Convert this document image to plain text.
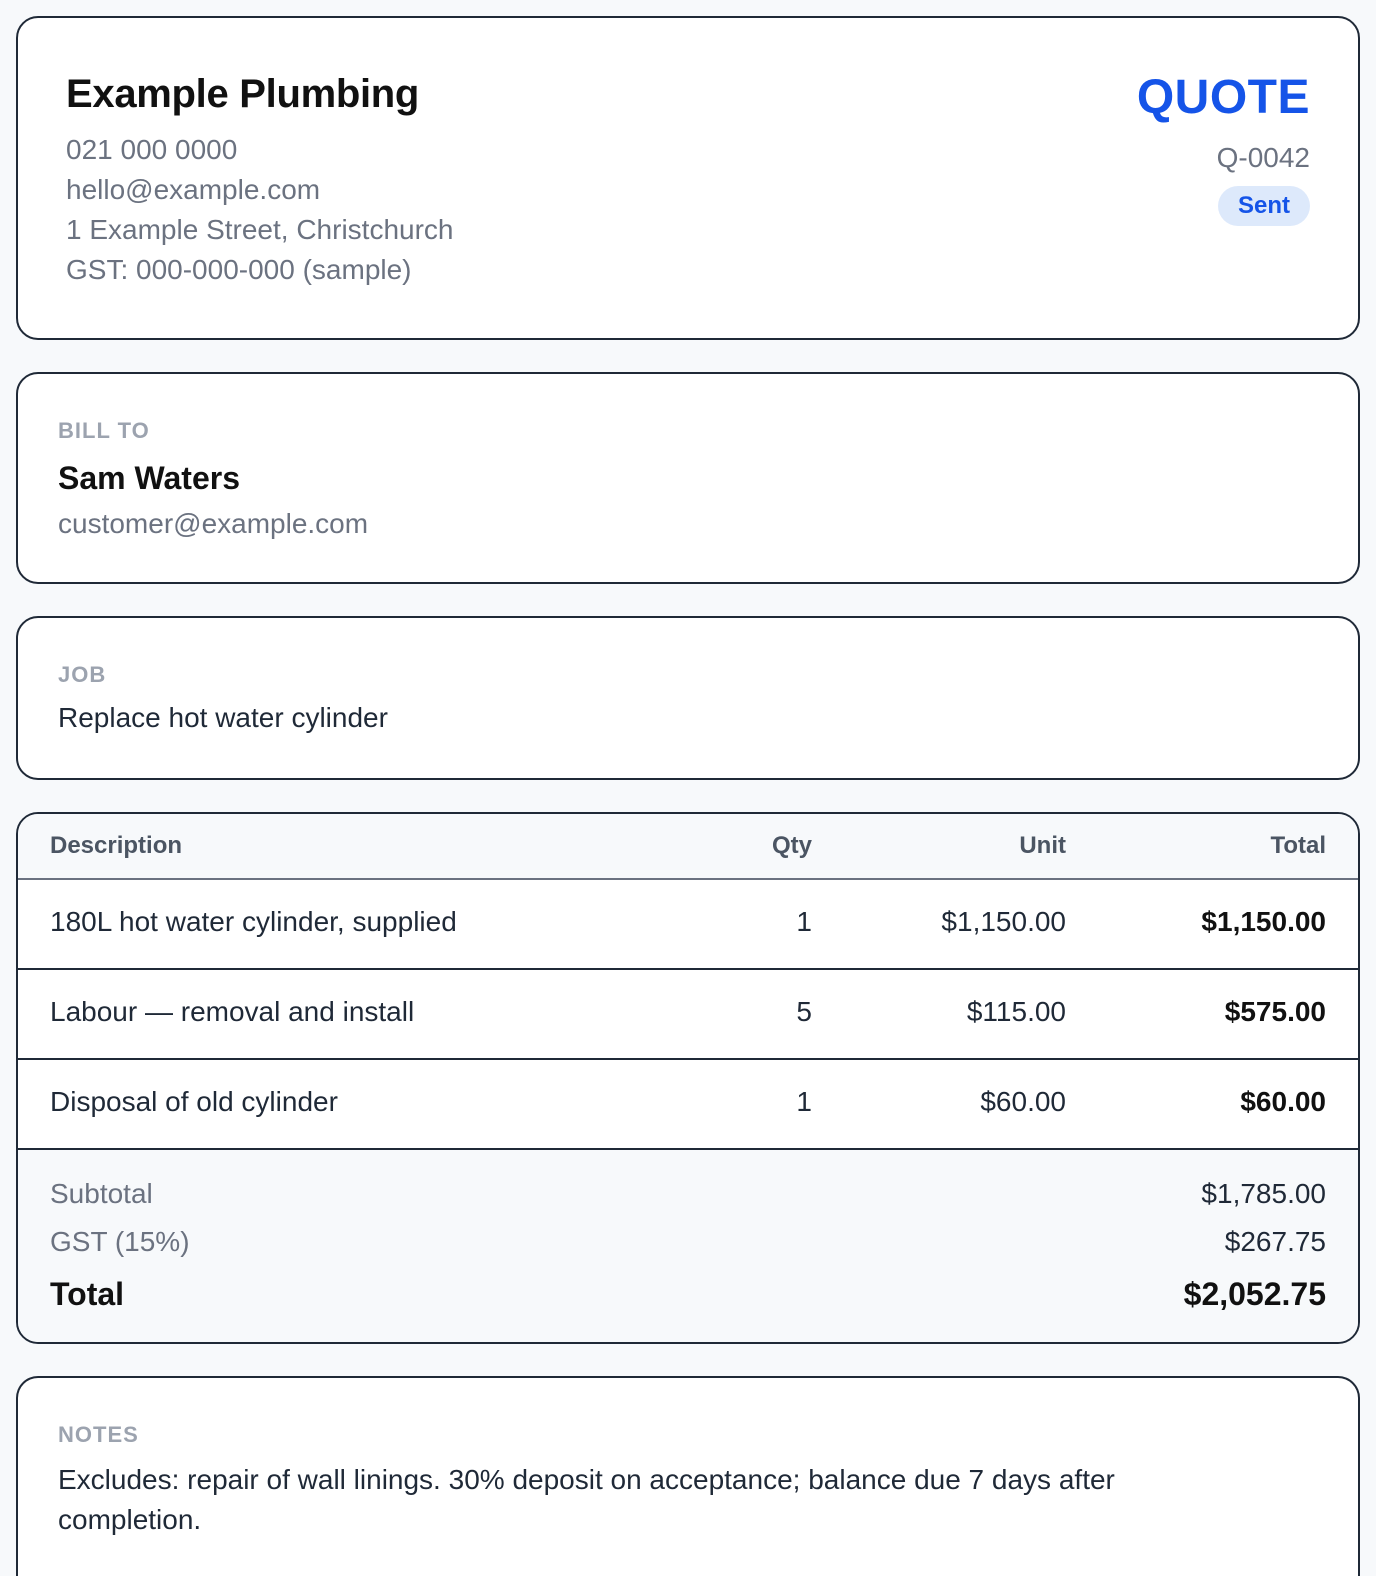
Example Plumbing
021 000 0000
hello@example.com
1 Example Street, Christchurch
GST: 000-000-000 (sample)
QUOTE
Q-0042
Sent
BILL TO
Sam Waters
customer@example.com
JOB
Replace hot water cylinder
Description	Qty	Unit	Total
180L hot water cylinder, supplied	1	$1,150.00	$1,150.00
Labour — removal and install	5	$115.00	$575.00
Disposal of old cylinder	1	$60.00	$60.00
Subtotal	$1,785.00
GST (15%)	$267.75
Total	$2,052.75
NOTES
Excludes: repair of wall linings. 30% deposit on acceptance; balance due 7 days after completion.
